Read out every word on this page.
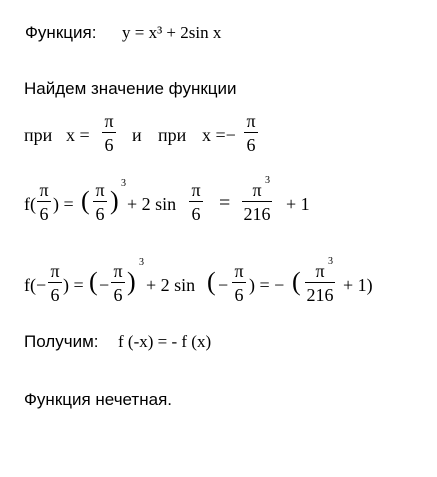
Функция: y = x³ + 2sin x
Найдем значение функции
при x =
π
6 и при x =−
π
6
f(
π
6 ) = ( π
6 )
3
+ 2 sin
π
6 =
π
216
3
+ 1
f( −
π
6 ) = ( −
π
6 )
3
+ 2 sin ( −
π
6 ) = − ( π
216
3
+ 1)
Получим: f (-x) = - f (x)
Функция нечетная.
